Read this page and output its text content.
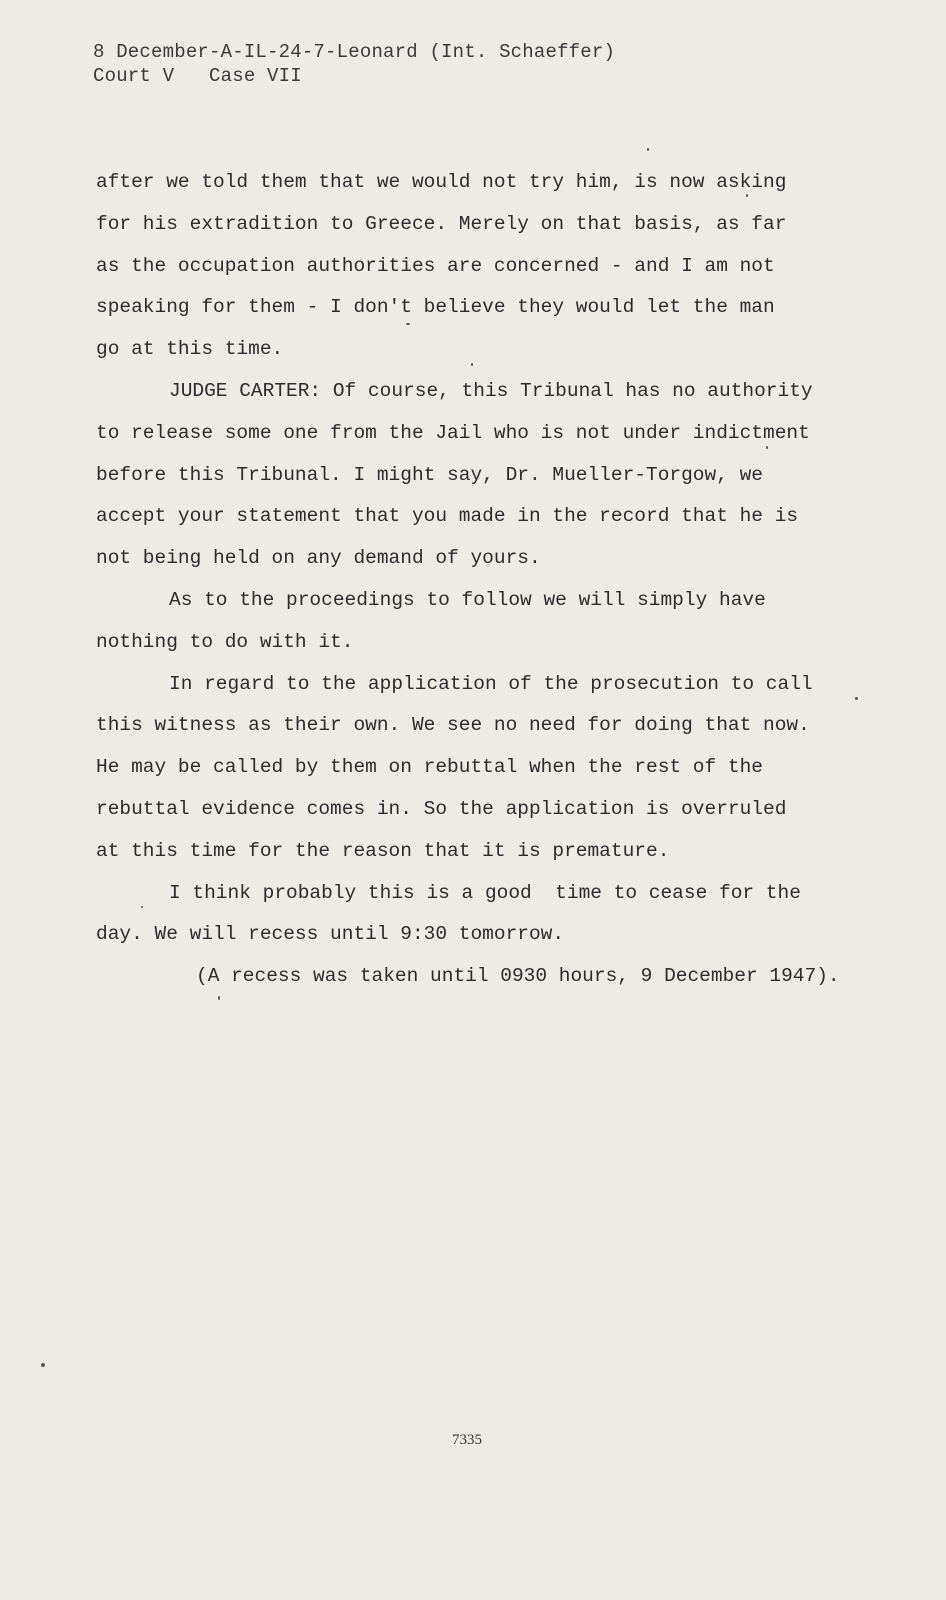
8 December-A-IL-24-7-Leonard (Int. Schaeffer)
Court V   Case VII
after we told them that we would not try him, is now asking
for his extradition to Greece. Merely on that basis, as far
as the occupation authorities are concerned - and I am not
speaking for them - I don't believe they would let the man
go at this time.
JUDGE CARTER: Of course, this Tribunal has no authority
to release some one from the Jail who is not under indictment
before this Tribunal. I might say, Dr. Mueller-Torgow, we
accept your statement that you made in the record that he is
not being held on any demand of yours.
As to the proceedings to follow we will simply have
nothing to do with it.
In regard to the application of the prosecution to call
this witness as their own. We see no need for doing that now.
He may be called by them on rebuttal when the rest of the
rebuttal evidence comes in. So the application is overruled
at this time for the reason that it is premature.
I think probably this is a good  time to cease for the
day. We will recess until 9:30 tomorrow.
(A recess was taken until 0930 hours, 9 December 1947).
7335
